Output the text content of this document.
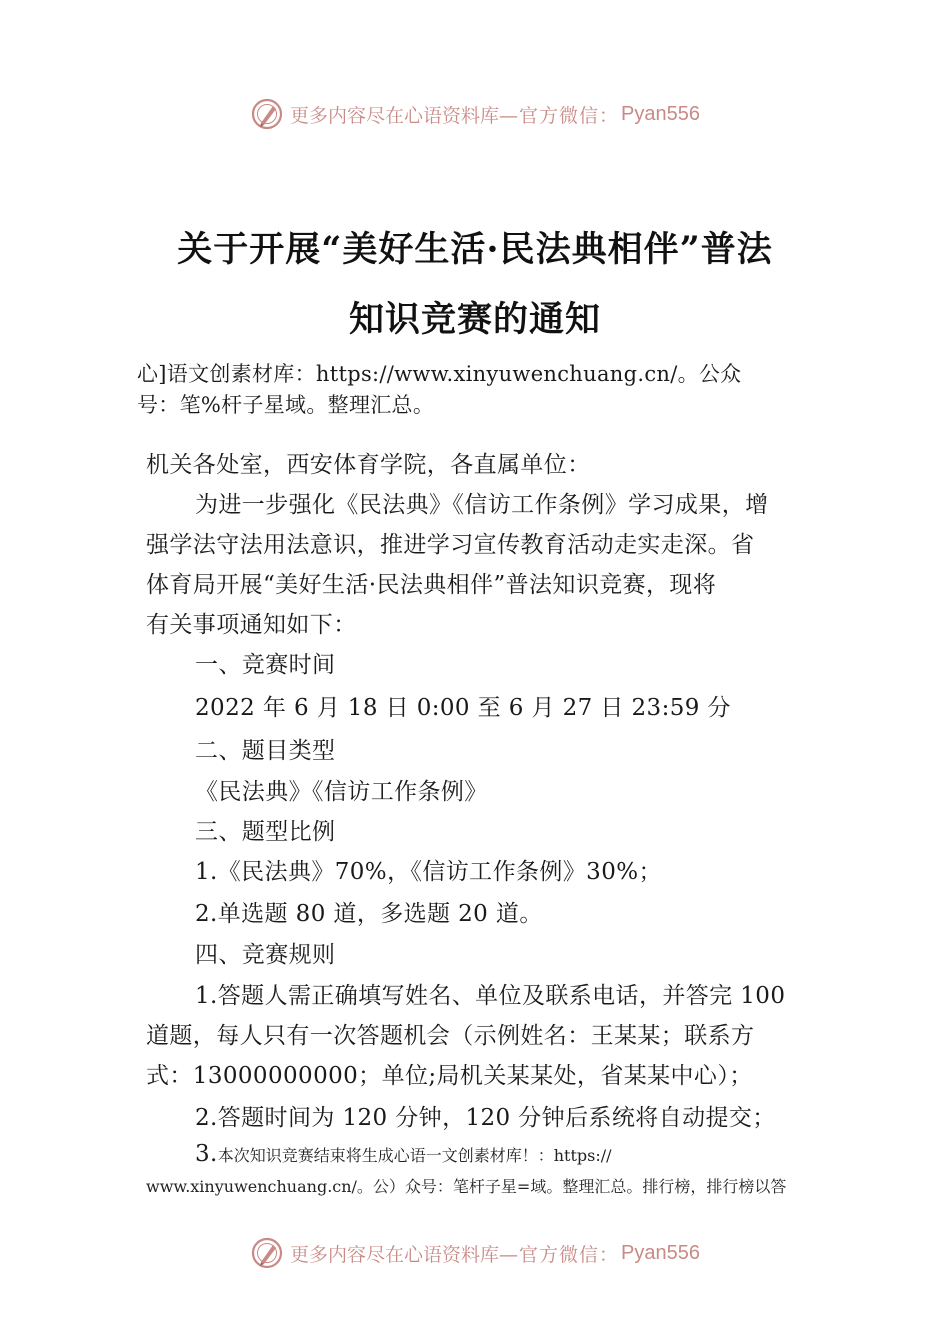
更多内容尽在心语资料库 —官方微信： Pyan556
关于开展“美好生活·民法典相伴”普法
知识竞赛的通知
心]语文创素材库：https://www.xinyuwenchuang.cn/。公众
号：笔%杆子星域。整理汇总。
机关各处室，西安体育学院，各直属单位：
为进一步强化《民法典》《信访工作条例》学习成果，增
强学法守法用法意识，推进学习宣传教育活动走实走深。省
体育局开展“美好生活·民法典相伴”普法知识竞赛，现将
有关事项通知如下：
一、竞赛时间
2022 年 6 月 18 日 0:00 至 6 月 27 日 23:59 分
二、题目类型
《民法典》《信访工作条例》
三、题型比例
1.《民法典》70%，《信访工作条例》30%；
2.单选题 80 道，多选题 20 道。
四、竞赛规则
1.答题人需正确填写姓名、单位及联系电话，并答完 100
道题，每人只有一次答题机会（示例姓名：王某某；联系方
式：13000000000；单位;局机关某某处，省某某中心）；
2.答题时间为 120 分钟，120 分钟后系统将自动提交；
3.本次知识竞赛结束将生成心语一文创素材库！：https://
www.xinyuwenchuang.cn/。公）众号：笔杆子星=域。整理汇总。排行榜，排行榜以答
更多内容尽在心语资料库 —官方微信： Pyan556
